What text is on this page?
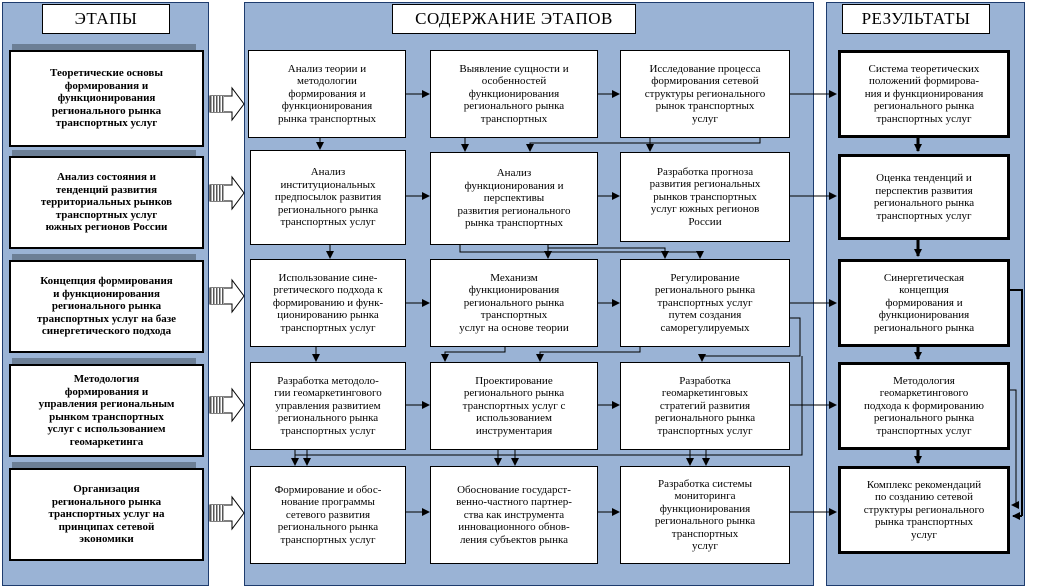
ЭТАПЫ	СОДЕРЖАНИЕ ЭТАПОВ	РЕЗУЛЬТАТЫ
Теоретические основы
формирования и
функционирования
регионального рынка
транспортных услуг
Анализ состояния и
тенденций развития
территориальных рынков
транспортных услуг
южных регионов России
Концепция формирования
и функционирования
регионального рынка
транспортных услуг на базе
синергетического подхода
Методология
формирования и
управления региональным
рынком транспортных
услуг с использованием
геомаркетинга
Организация
регионального рынка
транспортных услуг на
принципах сетевой
экономики
Анализ теории и
методологии
формирования и
функционирования
рынка транспортных
Выявление сущности и
особенностей
функционирования
регионального рынка
транспортных
Исследование процесса
формирования сетевой
структуры регионального
рынок транспортных
услуг
Анализ
институциональных
предпосылок развития
регионального рынка
транспортных услуг
Анализ
функционирования и
перспективы
развития регионального
рынка транспортных
Разработка прогноза
развития региональных
рынков транспортных
услуг южных регионов
России
Использование сине-
ргетического подхода к
формированию и функ-
ционированию рынка
транспортных услуг
Механизм
функционирования
регионального рынка
транспортных
услуг на основе теории
Регулирование
регионального рынка
транспортных услуг
путем создания
саморегулируемых
Разработка методоло-
гии геомаркетингового
управления развитием
регионального рынка
транспортных услуг
Проектирование
регионального рынка
транспортных услуг с
использованием
инструментария
Разработка
геомаркетинговых
стратегий развития
регионального рынка
транспортных услуг
Формирование и обос-
нование программы
сетевого развития
регионального рынка
транспортных услуг
Обоснование государст-
венно-частного партнер-
ства как инструмента
инновационного обнов-
ления субъектов рынка
Разработка системы
мониторинга
функционирования
регионального рынка
транспортных
услуг
Система теоретических
положений формирова-
ния и функционирования
регионального рынка
транспортных услуг
Оценка тенденций и
перспектив развития
регионального рынка
транспортных услуг
Синергетическая
концепция
формирования и
функционирования
регионального рынка
Методология
геомаркетингового
подхода к формированию
регионального рынка
транспортных услуг
Комплекс рекомендаций
по созданию сетевой
структуры регионального
рынка транспортных
услуг
